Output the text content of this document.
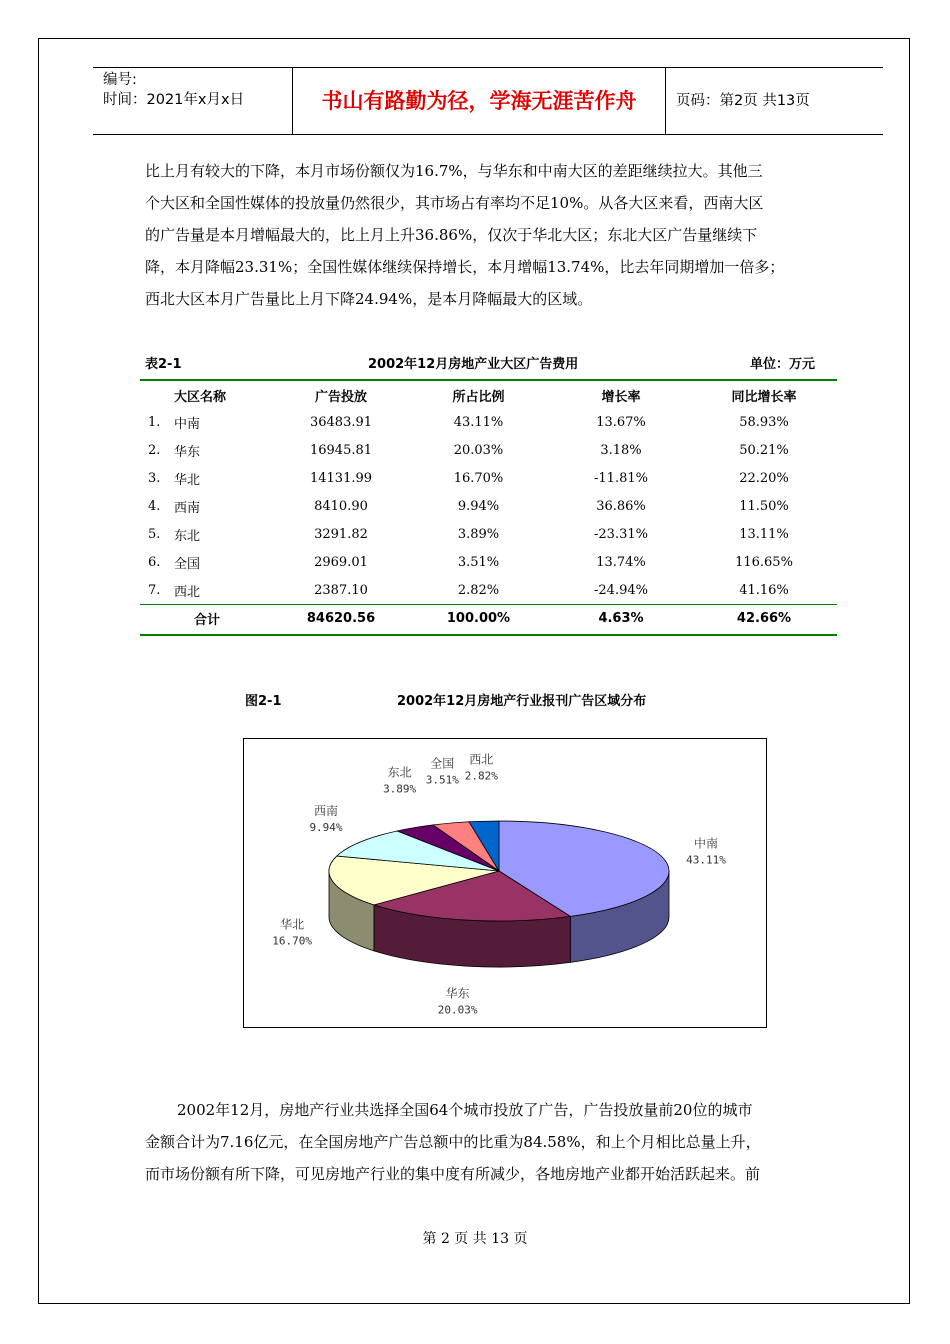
编号:
时间：2021年x月x日	书山有路勤为径，学海无涯苦作舟	页码：第2页 共13页

比上月有较大的下降，本月市场份额仅为16.7%，与华东和中南大区的差距继续拉大。其他三

个大区和全国性媒体的投放量仍然很少，其市场占有率均不足10%。从各大区来看，西南大区

的广告量是本月增幅最大的，比上月上升36.86%，仅次于华北大区；东北大区广告量继续下

降，本月降幅23.31%；全国性媒体继续保持增长，本月增幅13.74%，比去年同期增加一倍多；

西北大区本月广告量比上月下降24.94%，是本月降幅最大的区域。

表2-1	2002年12月房地产业大区广告费用	单位：万元
	大区名称	广告投放	所占比例	增长率	同比增长率
1.	中南	36483.91	43.11%	13.67%	58.93%
2.	华东	16945.81	20.03%	3.18%	50.21%
3.	华北	14131.99	16.70%	-11.81%	22.20%
4.	西南	8410.90	9.94%	36.86%	11.50%
5.	东北	3291.82	3.89%	-23.31%	13.11%
6.	全国	2969.01	3.51%	13.74%	116.65%
7.	西北	2387.10	2.82%	-24.94%	41.16%
	合计	84620.56	100.00%	4.63%	42.66%
图2-1	2002年12月房地产行业报刊广告区域分布
中南
43.11%
华东
20.03%
华北
16.70%
西南
9.94%
东北
3.89%
全国
3.51%
西北
2.82%

2002年12月，房地产行业共选择全国64个城市投放了广告，广告投放量前20位的城市

金额合计为7.16亿元，在全国房地产广告总额中的比重为84.58%，和上个月相比总量上升，

而市场份额有所下降，可见房地产行业的集中度有所减少，各地房地产业都开始活跃起来。前

第 2 页 共 13 页
